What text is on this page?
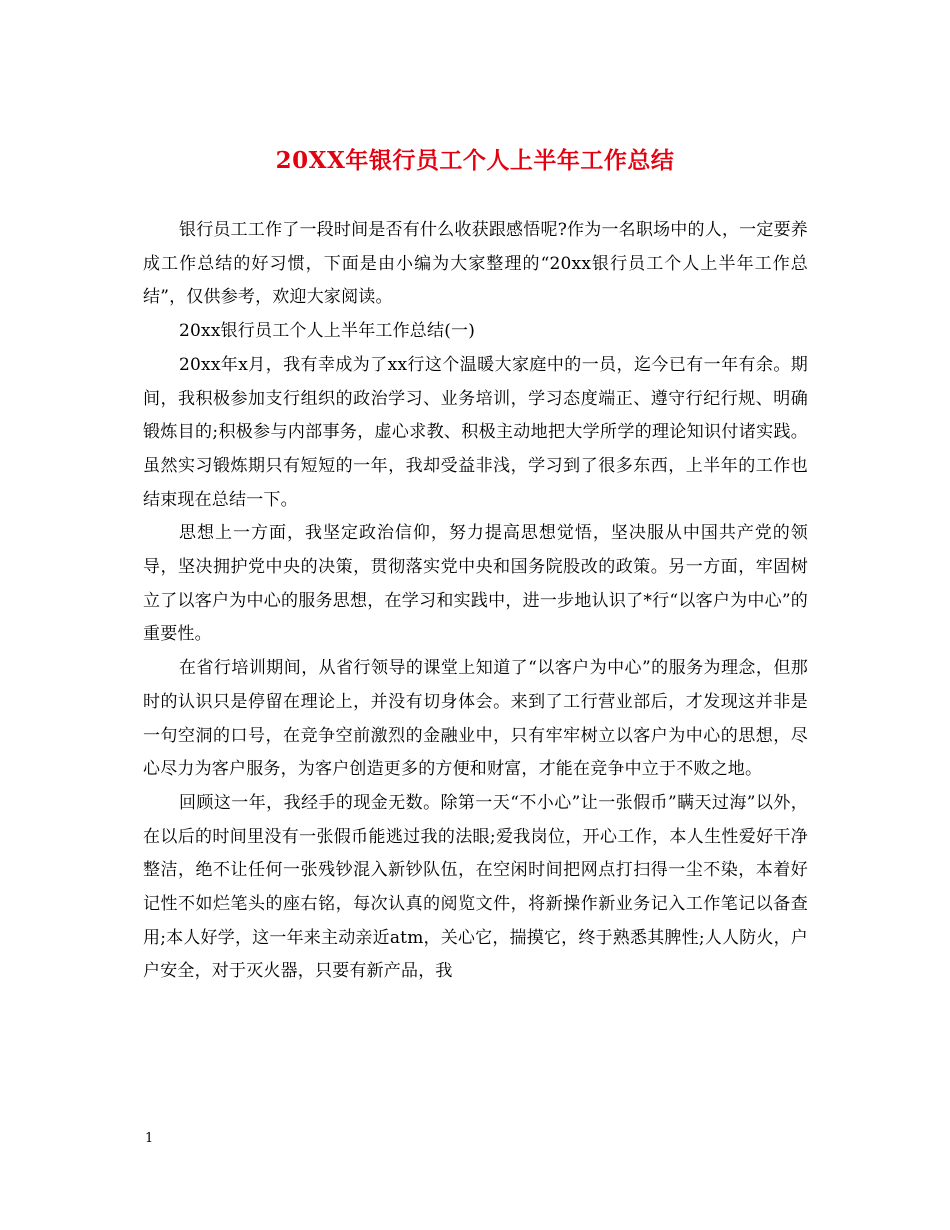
20XX年银行员工个人上半年工作总结

银行员工工作了一段时间是否有什么收获跟感悟呢?作为一名职场中的人，一定要养成工作总结的好习惯，下面是由小编为大家整理的“20xx银行员工个人上半年工作总结”，仅供参考，欢迎大家阅读。

20xx银行员工个人上半年工作总结(一)

20xx年x月，我有幸成为了xx行这个温暖大家庭中的一员，迄今已有一年有余。期间，我积极参加支行组织的政治学习、业务培训，学习态度端正、遵守行纪行规、明确锻炼目的;积极参与内部事务，虚心求教、积极主动地把大学所学的理论知识付诸实践。虽然实习锻炼期只有短短的一年，我却受益非浅，学习到了很多东西，上半年的工作也结束现在总结一下。

思想上一方面，我坚定政治信仰，努力提高思想觉悟，坚决服从中国共产党的领导，坚决拥护党中央的决策，贯彻落实党中央和国务院股改的政策。另一方面，牢固树立了以客户为中心的服务思想，在学习和实践中，进一步地认识了*行“以客户为中心”的重要性。

在省行培训期间，从省行领导的课堂上知道了“以客户为中心”的服务为理念，但那时的认识只是停留在理论上，并没有切身体会。来到了工行营业部后，才发现这并非是一句空洞的口号，在竞争空前激烈的金融业中，只有牢牢树立以客户为中心的思想，尽心尽力为客户服务，为客户创造更多的方便和财富，才能在竞争中立于不败之地。

回顾这一年，我经手的现金无数。除第一天“不小心”让一张假币”瞒天过海”以外，在以后的时间里没有一张假币能逃过我的法眼;爱我岗位，开心工作，本人生性爱好干净整洁，绝不让任何一张残钞混入新钞队伍，在空闲时间把网点打扫得一尘不染，本着好记性不如烂笔头的座右铭，每次认真的阅览文件，将新操作新业务记入工作笔记以备查用;本人好学，这一年来主动亲近atm，关心它，揣摸它，终于熟悉其脾性;人人防火，户户安全，对于灭火器，只要有新产品，我

1
